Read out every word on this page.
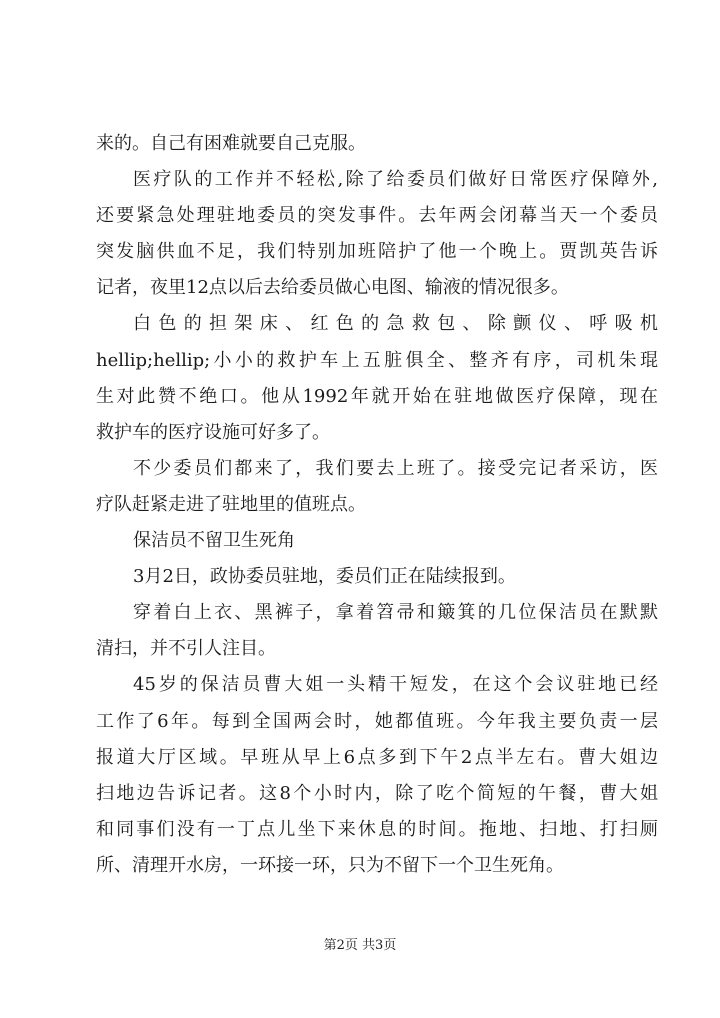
来的。自己有困难就要自己克服。
医疗队的工作并不轻松,除了给委员们做好日常医疗保障外,
还要紧急处理驻地委员的突发事件。去年两会闭幕当天一个委员
突发脑供血不足，我们特别加班陪护了他一个晚上。贾凯英告诉
记者，夜里12点以后去给委员做心电图、输液的情况很多。
白色的担架床、红色的急救包、除颤仪、呼吸机
hellip;hellip;小小的救护车上五脏俱全、整齐有序，司机朱琨
生对此赞不绝口。他从1992年就开始在驻地做医疗保障，现在
救护车的医疗设施可好多了。
不少委员们都来了，我们要去上班了。接受完记者采访，医
疗队赶紧走进了驻地里的值班点。
保洁员不留卫生死角
3月2日，政协委员驻地，委员们正在陆续报到。
穿着白上衣、黑裤子，拿着笤帚和簸箕的几位保洁员在默默
清扫，并不引人注目。
45岁的保洁员曹大姐一头精干短发，在这个会议驻地已经
工作了6年。每到全国两会时，她都值班。今年我主要负责一层
报道大厅区域。早班从早上6点多到下午2点半左右。曹大姐边
扫地边告诉记者。这8个小时内，除了吃个简短的午餐，曹大姐
和同事们没有一丁点儿坐下来休息的时间。拖地、扫地、打扫厕
所、清理开水房，一环接一环，只为不留下一个卫生死角。
第2页 共3页
